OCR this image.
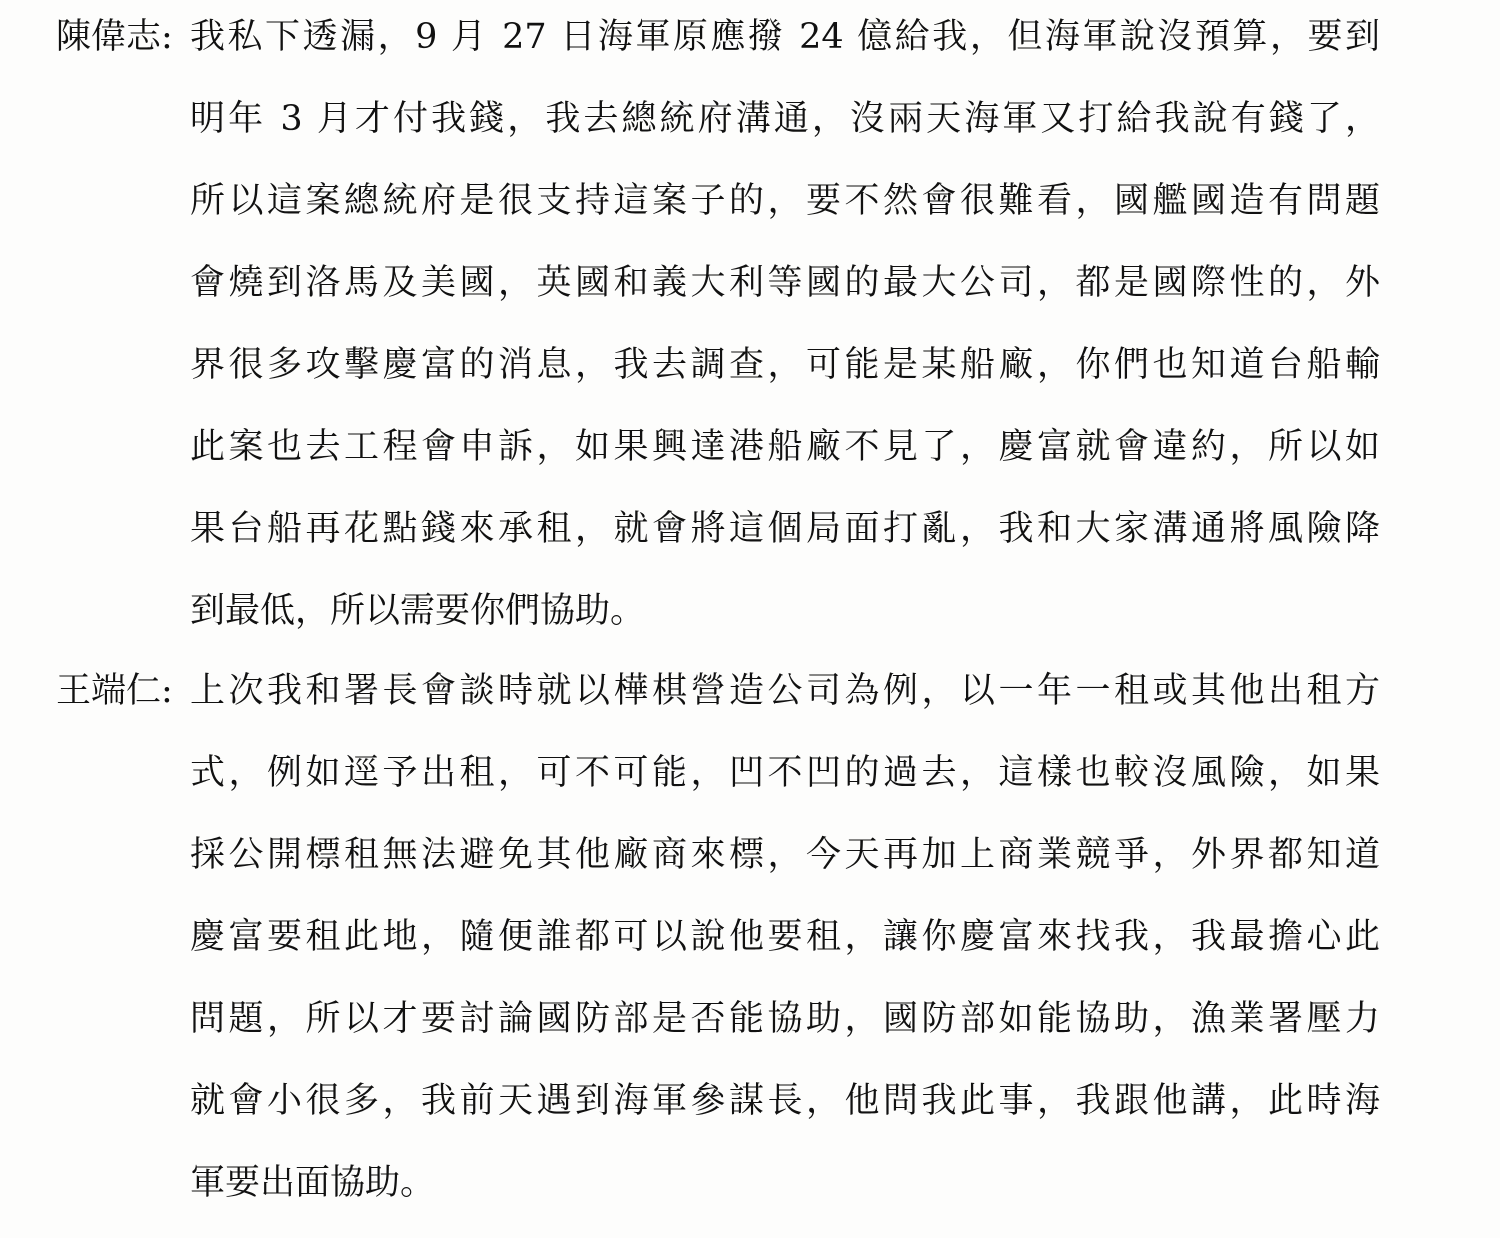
陳偉志: 我私下透漏，9 月 27 日海軍原應撥 24 億給我，但海軍說沒預算，要到
明年 3 月才付我錢，我去總統府溝通，沒兩天海軍又打給我說有錢了，
所以這案總統府是很支持這案子的，要不然會很難看，國艦國造有問題
會燒到洛馬及美國，英國和義大利等國的最大公司，都是國際性的，外
界很多攻擊慶富的消息，我去調查，可能是某船廠，你們也知道台船輸
此案也去工程會申訴，如果興達港船廠不見了，慶富就會違約，所以如
果台船再花點錢來承租，就會將這個局面打亂，我和大家溝通將風險降
到最低，所以需要你們協助。
王端仁: 上次我和署長會談時就以樺棋營造公司為例，以一年一租或其他出租方
式，例如逕予出租，可不可能，凹不凹的過去，這樣也較沒風險，如果
採公開標租無法避免其他廠商來標，今天再加上商業競爭，外界都知道
慶富要租此地，隨便誰都可以說他要租，讓你慶富來找我，我最擔心此
問題，所以才要討論國防部是否能協助，國防部如能協助，漁業署壓力
就會小很多，我前天遇到海軍參謀長，他問我此事，我跟他講，此時海
軍要出面協助。
